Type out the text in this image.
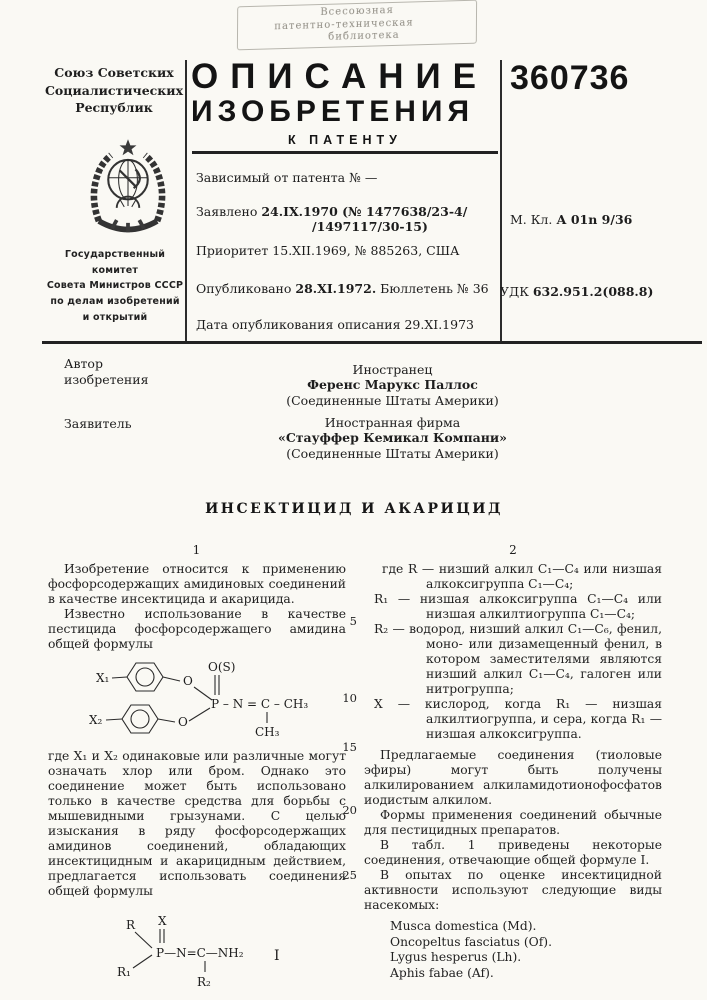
Всесоюзная
патентно-техническая
библиотека
Союз Советских
Социалистических
Республик
Государственный комитет
Совета Министров СССР
по делам изобретений
и открытий
ОПИСАНИЕ
ИЗОБРЕТЕНИЯ
К ПАТЕНТУ
Зависимый от патента № —
Заявлено 24.IX.1970 (№ 1477638/23-4/
/1497117/30-15)
Приоритет 15.XII.1969, № 885263, США
Опубликовано 28.XI.1972. Бюллетень № 36
Дата опубликования описания 29.XI.1973
360736
М. Кл. А 01n 9/36
УДК 632.951.2(088.8)
Автор
изобретения
Иностранец
Ференс Марукс Паллос
(Соединенные Штаты Америки)
Заявитель	Иностранная фирма
«Стауффер Кемикал Компани»
(Соединенные Штаты Америки)
ИНСЕКТИЦИД И АКАРИЦИД
1	2
5
10
15
20
25

Изобретение относится к применению фосфорсодержащих амидиновых соединений в качестве инсектицида и акарицида.

Известно использование в качестве пестицида фосфорсодержащего амидина общей формулы

X₁	O
X₂	O
O(S)
P – N = C – CH₃
CH₃

где X₁ и X₂ одинаковые или различные могут означать хлор или бром. Однако это соединение может быть использовано только в качестве средства для борьбы с мышевидными грызунами. С целью изыскания в ряду фосфорсодержащих амидинов соединений, обладающих инсектицидным и акарицидным действием, предлагается использовать соединения общей формулы

R
R₁
X
P—N=C—NH₂
R₂
I
где R — низший алкил C₁—C₄ или низшая алкоксигруппа C₁—C₄;
R₁ — низшая алкоксигруппа C₁—C₄ или низшая алкилтиогруппа C₁—C₄;
R₂ — водород, низший алкил C₁—C₆, фенил, моно- или дизамещенный фенил, в котором заместителями являются низший алкил C₁—C₄, галоген или нитрогруппа;
X — кислород, когда R₁ — низшая алкилтиогруппа, и сера, когда R₁ — низшая алкоксигруппа.

Предлагаемые соединения (тиоловые эфиры) могут быть получены алкилированием алкиламидотионофосфатов иодистым алкилом.

Формы применения соединений обычные для пестицидных препаратов.

В табл. 1 приведены некоторые соединения, отвечающие общей формуле I.

В опытах по оценке инсектицидной активности используют следующие виды насекомых:

Musca domestica (Md).
Oncopeltus fasciatus (Of).
Lygus hesperus (Lh).
Aphis fabae (Af).
